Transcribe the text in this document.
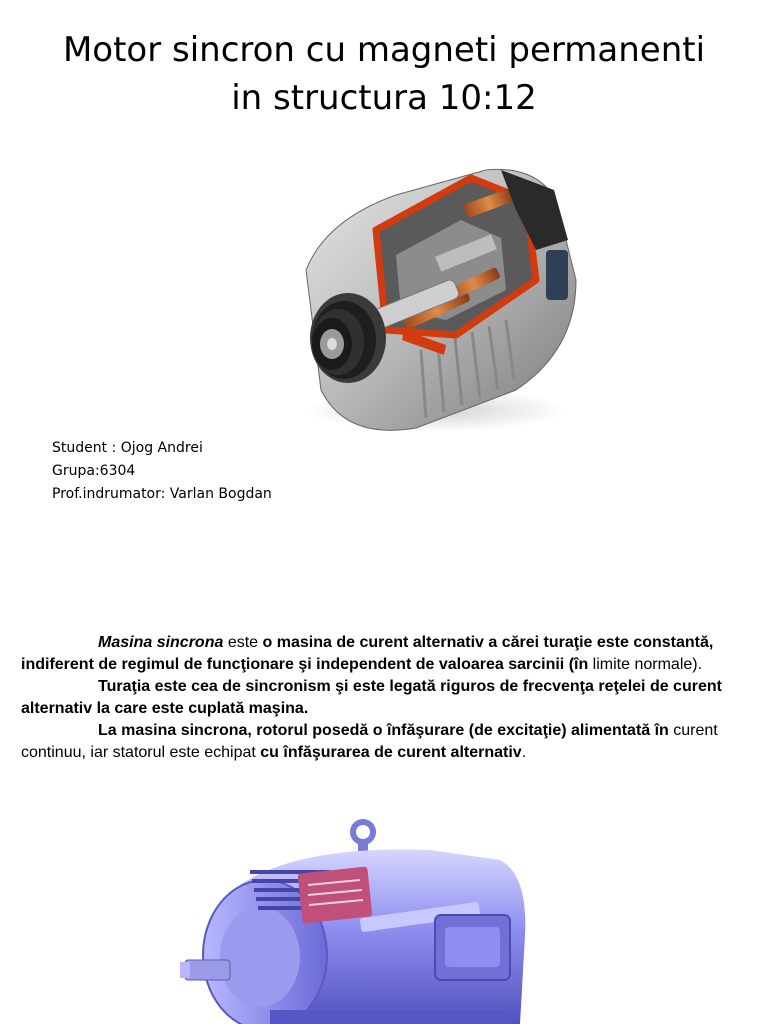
Motor sincron cu magneti permanenti
in structura 10:12
Student : Ojog Andrei
Grupa:6304
Prof.indrumator: Varlan Bogdan

Masina sincrona este o masina de curent alternativ a cărei turaţie este constantă, indiferent de regimul de funcţionare şi independent de valoarea sarcinii (în limite normale).

Turaţia este cea de sincronism şi este legată riguros de frecvenţa reţelei de curent alternativ la care este cuplată maşina.

La masina sincrona, rotorul posedă o înfăşurare (de excitaţie) alimentată în curent continuu, iar statorul este echipat cu înfăşurarea de curent alternativ.
